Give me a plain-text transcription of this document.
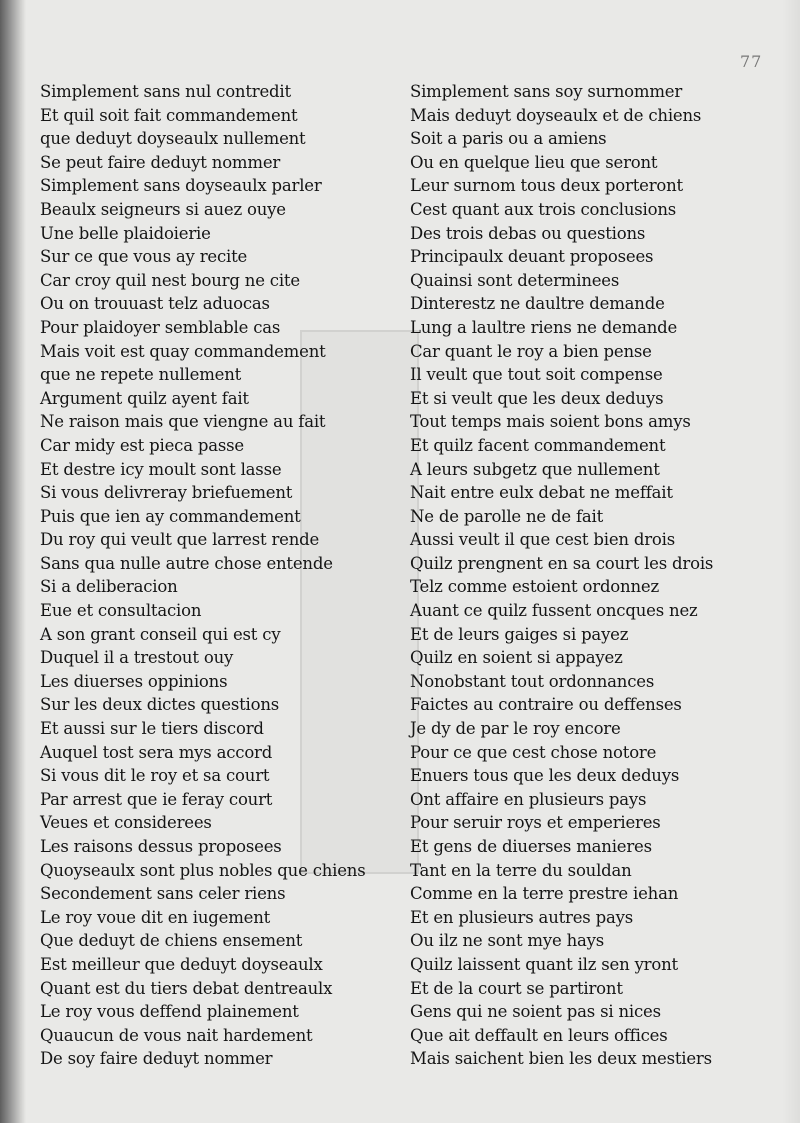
77
Simplement sans nul contredit
Et quil soit fait commandement
que deduyt doyseaulx nullement
Se peut faire deduyt nommer
Simplement sans doyseaulx parler
Beaulx seigneurs si auez ouye
Une belle plaidoierie
Sur ce que vous ay recite
Car croy quil nest bourg ne cite
Ou on trouuast telz aduocas
Pour plaidoyer semblable cas
Mais voit est quay commandement
que ne repete nullement
Argument quilz ayent fait
Ne raison mais que viengne au fait
Car midy est pieca passe
Et destre icy moult sont lasse
Si vous delivreray briefuement
Puis que ien ay commandement
Du roy qui veult que larrest rende
Sans qua nulle autre chose entende
Si a deliberacion
Eue et consultacion
A son grant conseil qui est cy
Duquel il a trestout ouy
Les diuerses oppinions
Sur les deux dictes questions
Et aussi sur le tiers discord
Auquel tost sera mys accord
Si vous dit le roy et sa court
Par arrest que ie feray court
Veues et considerees
Les raisons dessus proposees
Quoyseaulx sont plus nobles que chiens
Secondement sans celer riens
Le roy voue dit en iugement
Que deduyt de chiens ensement
Est meilleur que deduyt doyseaulx
Quant est du tiers debat dentreaulx
Le roy vous deffend plainement
Quaucun de vous nait hardement
De soy faire deduyt nommer
Simplement sans soy surnommer
Mais deduyt doyseaulx et de chiens
Soit a paris ou a amiens
Ou en quelque lieu que seront
Leur surnom tous deux porteront
Cest quant aux trois conclusions
Des trois debas ou questions
Principaulx deuant proposees
Quainsi sont determinees
Dinterestz ne daultre demande
Lung a laultre riens ne demande
Car quant le roy a bien pense
Il veult que tout soit compense
Et si veult que les deux deduys
Tout temps mais soient bons amys
Et quilz facent commandement
A leurs subgetz que nullement
Nait entre eulx debat ne meffait
Ne de parolle ne de fait
Aussi veult il que cest bien drois
Quilz prengnent en sa court les drois
Telz comme estoient ordonnez
Auant ce quilz fussent oncques nez
Et de leurs gaiges si payez
Quilz en soient si appayez
Nonobstant tout ordonnances
Faictes au contraire ou deffenses
Je dy de par le roy encore
Pour ce que cest chose notore
Enuers tous que les deux deduys
Ont affaire en plusieurs pays
Pour seruir roys et emperieres
Et gens de diuerses manieres
Tant en la terre du souldan
Comme en la terre prestre iehan
Et en plusieurs autres pays
Ou ilz ne sont mye hays
Quilz laissent quant ilz sen yront
Et de la court se partiront
Gens qui ne soient pas si nices
Que ait deffault en leurs offices
Mais saichent bien les deux mestiers
